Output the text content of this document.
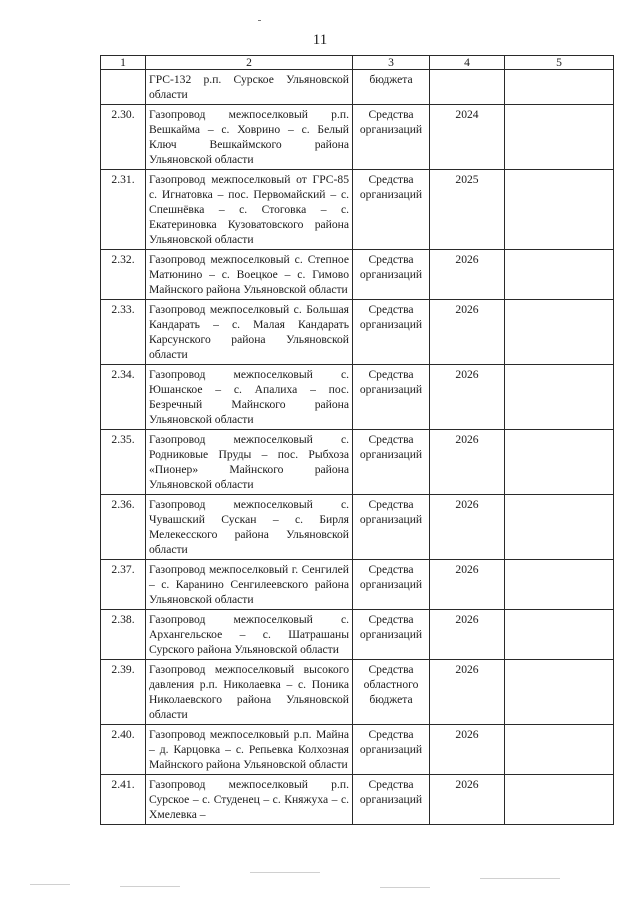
11
1	2	3	4	5
	ГРС-132 р.п. Сурское Ульяновской области	бюджета		
2.30.	Газопровод межпоселковый р.п. Вешкайма – с. Ховрино – с. Белый Ключ Вешкаймского района Ульяновской области	Средства организаций	2024	
2.31.	Газопровод межпоселковый от ГРС-85 с. Игнатовка – пос. Первомайский – с. Спешнёвка – с. Стоговка – с. Екатериновка Кузоватовского района Ульяновской области	Средства организаций	2025	
2.32.	Газопровод межпоселковый с. Степное Матюнино – с. Воецкое – с. Гимово Майнского района Ульяновской области	Средства организаций	2026	
2.33.	Газопровод межпоселковый с. Большая Кандарать – с. Малая Кандарать Карсунского района Ульяновской области	Средства организаций	2026	
2.34.	Газопровод межпоселковый с. Юшанское – с. Апалиха – пос. Безречный Майнского района Ульяновской области	Средства организаций	2026	
2.35.	Газопровод межпоселковый с. Родниковые Пруды – пос. Рыбхоза «Пионер» Майнского района Ульяновской области	Средства организаций	2026	
2.36.	Газопровод межпоселковый с. Чувашский Сускан – с. Бирля Мелекесского района Ульяновской области	Средства организаций	2026	
2.37.	Газопровод межпоселковый г. Сенгилей – с. Каранино Сенгилеевского района Ульяновской области	Средства организаций	2026	
2.38.	Газопровод межпоселковый с. Архангельское – с. Шатрашаны Сурского района Ульяновской области	Средства организаций	2026	
2.39.	Газопровод межпоселковый высокого давления р.п. Николаевка – с. Поника Николаевского района Ульяновской области	Средства областного бюджета	2026	
2.40.	Газопровод межпоселковый р.п. Майна – д. Карцовка – с. Репьевка Колхозная Майнского района Ульяновской области	Средства организаций	2026	
2.41.	Газопровод межпоселковый р.п. Сурское – с. Студенец – с. Княжуха – с. Хмелевка –	Средства организаций	2026	
